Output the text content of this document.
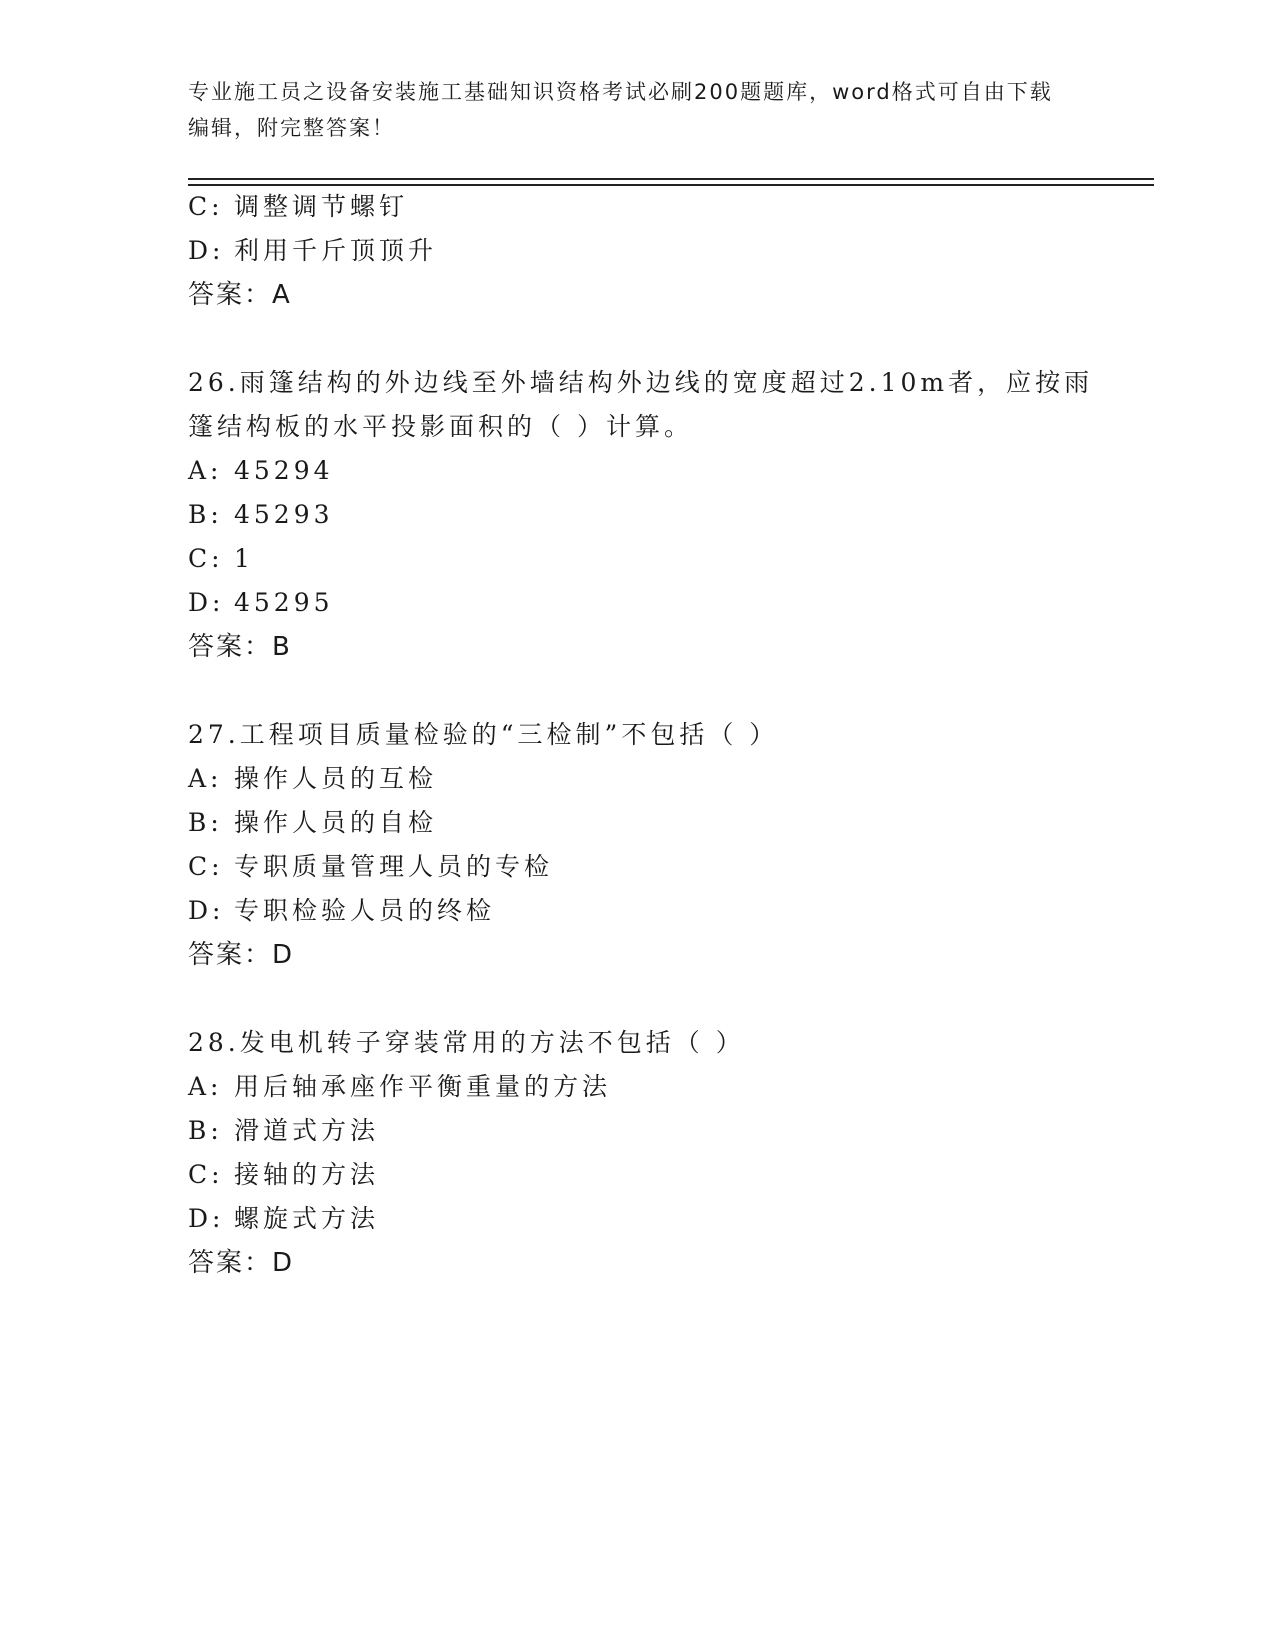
专业施工员之设备安装施工基础知识资格考试必刷200题题库，word格式可自由下载编辑，附完整答案！
C: 调整调节螺钉
D: 利用千斤顶顶升
答案：A
26.雨篷结构的外边线至外墙结构外边线的宽度超过2.10m者，应按雨
篷结构板的水平投影面积的（ ）计算。
A: 45294
B: 45293
C: 1
D: 45295
答案：B
27.工程项目质量检验的“三检制”不包括（ ）
A: 操作人员的互检
B: 操作人员的自检
C: 专职质量管理人员的专检
D: 专职检验人员的终检
答案：D
28.发电机转子穿装常用的方法不包括（ ）
A: 用后轴承座作平衡重量的方法
B: 滑道式方法
C: 接轴的方法
D: 螺旋式方法
答案：D
